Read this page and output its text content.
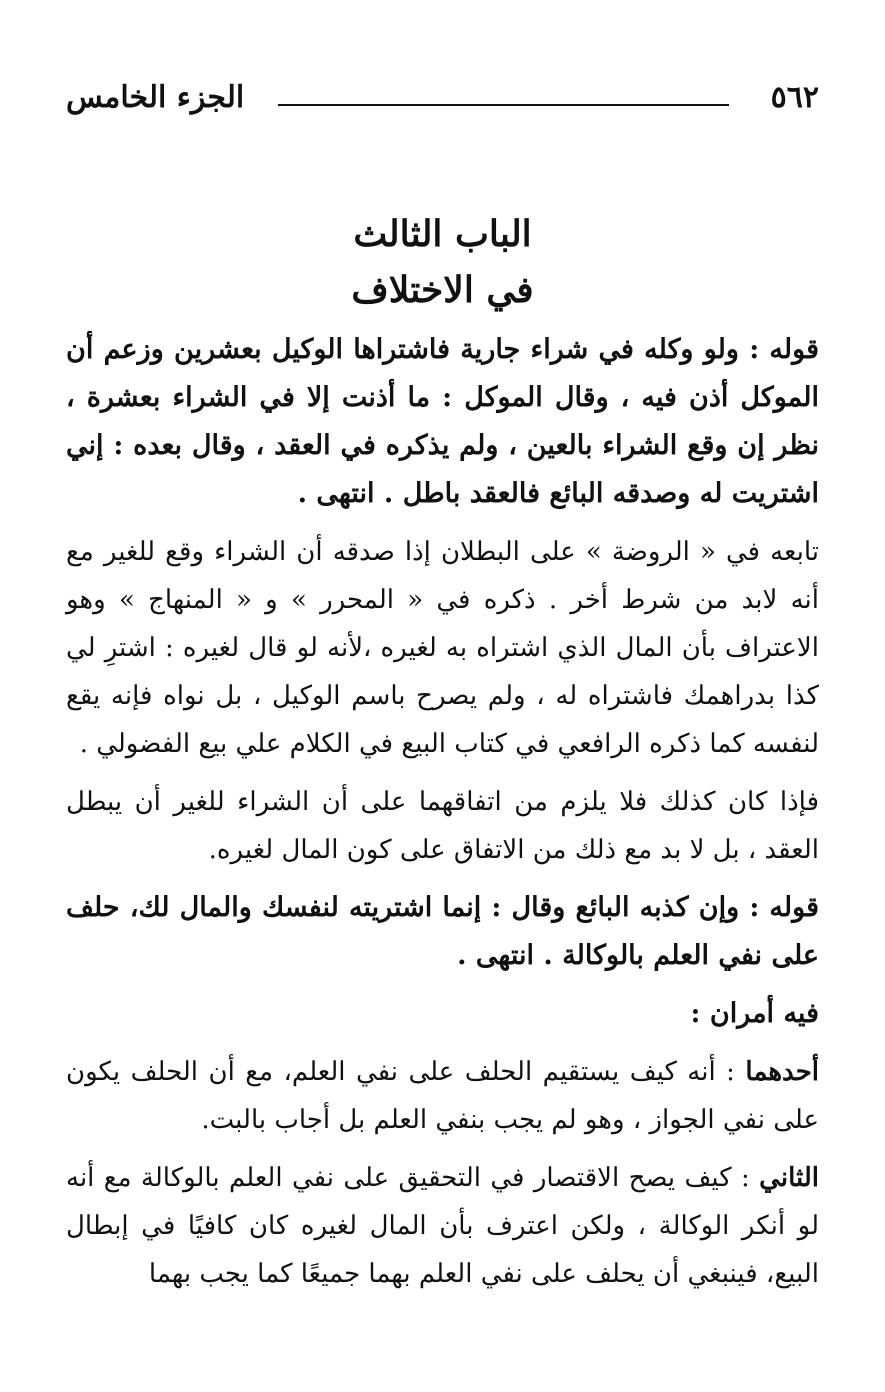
٥٦٢
الجزء الخامس
الباب الثالث
في الاختلاف

قوله : ولو وكله في شراء جارية فاشتراها الوكيل بعشرين وزعم أن الموكل أذن فيه ، وقال الموكل : ما أذنت إلا في الشراء بعشرة ، نظر إن وقع الشراء بالعين ، ولم يذكره في العقد ، وقال بعده : إني اشتريت له وصدقه البائع فالعقد باطل . انتهى .

تابعه في « الروضة » على البطلان إذا صدقه أن الشراء وقع للغير مع أنه لابد من شرط أخر . ذكره في « المحرر » و « المنهاج » وهو الاعتراف بأن المال الذي اشتراه به لغيره ،لأنه لو قال لغيره : اشترِ لي كذا بدراهمك فاشتراه له ، ولم يصرح باسم الوكيل ، بل نواه فإنه يقع لنفسه كما ذكره الرافعي في كتاب البيع في الكلام علي بيع الفضولي .

فإذا كان كذلك فلا يلزم من اتفاقهما على أن الشراء للغير أن يبطل العقد ، بل لا بد مع ذلك من الاتفاق على كون المال لغيره.

قوله : وإن كذبه البائع وقال : إنما اشتريته لنفسك والمال لك، حلف على نفي العلم بالوكالة . انتهى .

فيه أمران :

أحدهما : أنه كيف يستقيم الحلف على نفي العلم، مع أن الحلف يكون على نفي الجواز ، وهو لم يجب بنفي العلم بل أجاب بالبت.

الثاني : كيف يصح الاقتصار في التحقيق على نفي العلم بالوكالة مع أنه لو أنكر الوكالة ، ولكن اعترف بأن المال لغيره كان كافيًا في إبطال البيع، فينبغي أن يحلف على نفي العلم بهما جميعًا كما يجب بهما
